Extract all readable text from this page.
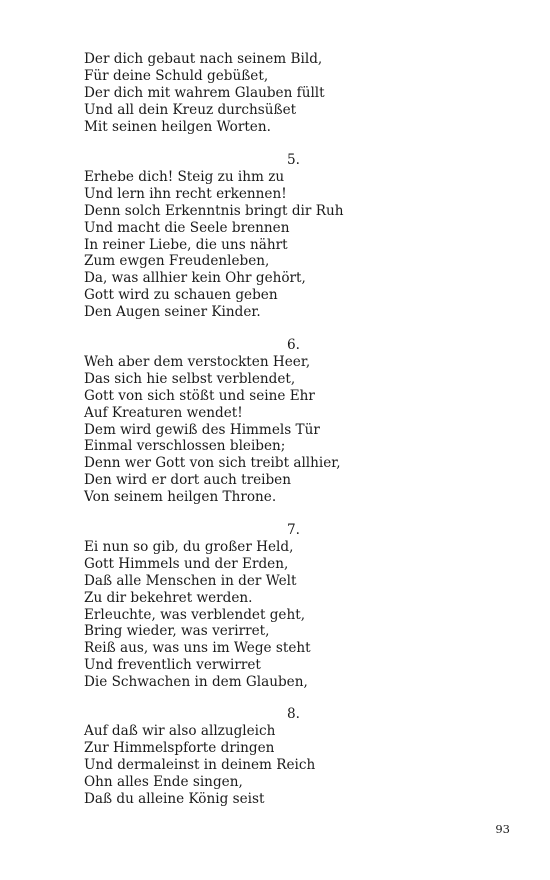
Der dich gebaut nach seinem Bild,

Für deine Schuld gebüßet,

Der dich mit wahrem Glauben füllt

Und all dein Kreuz durchsüßet

Mit seinen heilgen Worten.

5.

Erhebe dich! Steig zu ihm zu

Und lern ihn recht erkennen!

Denn solch Erkenntnis bringt dir Ruh

Und macht die Seele brennen

In reiner Liebe, die uns nährt

Zum ewgen Freudenleben,

Da, was allhier kein Ohr gehört,

Gott wird zu schauen geben

Den Augen seiner Kinder.

6.

Weh aber dem verstockten Heer,

Das sich hie selbst verblendet,

Gott von sich stößt und seine Ehr

Auf Kreaturen wendet!

Dem wird gewiß des Himmels Tür

Einmal verschlossen bleiben;

Denn wer Gott von sich treibt allhier,

Den wird er dort auch treiben

Von seinem heilgen Throne.

7.

Ei nun so gib, du großer Held,

Gott Himmels und der Erden,

Daß alle Menschen in der Welt

Zu dir bekehret werden.

Erleuchte, was verblendet geht,

Bring wieder, was verirret,

Reiß aus, was uns im Wege steht

Und freventlich verwirret

Die Schwachen in dem Glauben,

8.

Auf daß wir also allzugleich

Zur Himmelspforte dringen

Und dermaleinst in deinem Reich

Ohn alles Ende singen,

Daß du alleine König seist

93
